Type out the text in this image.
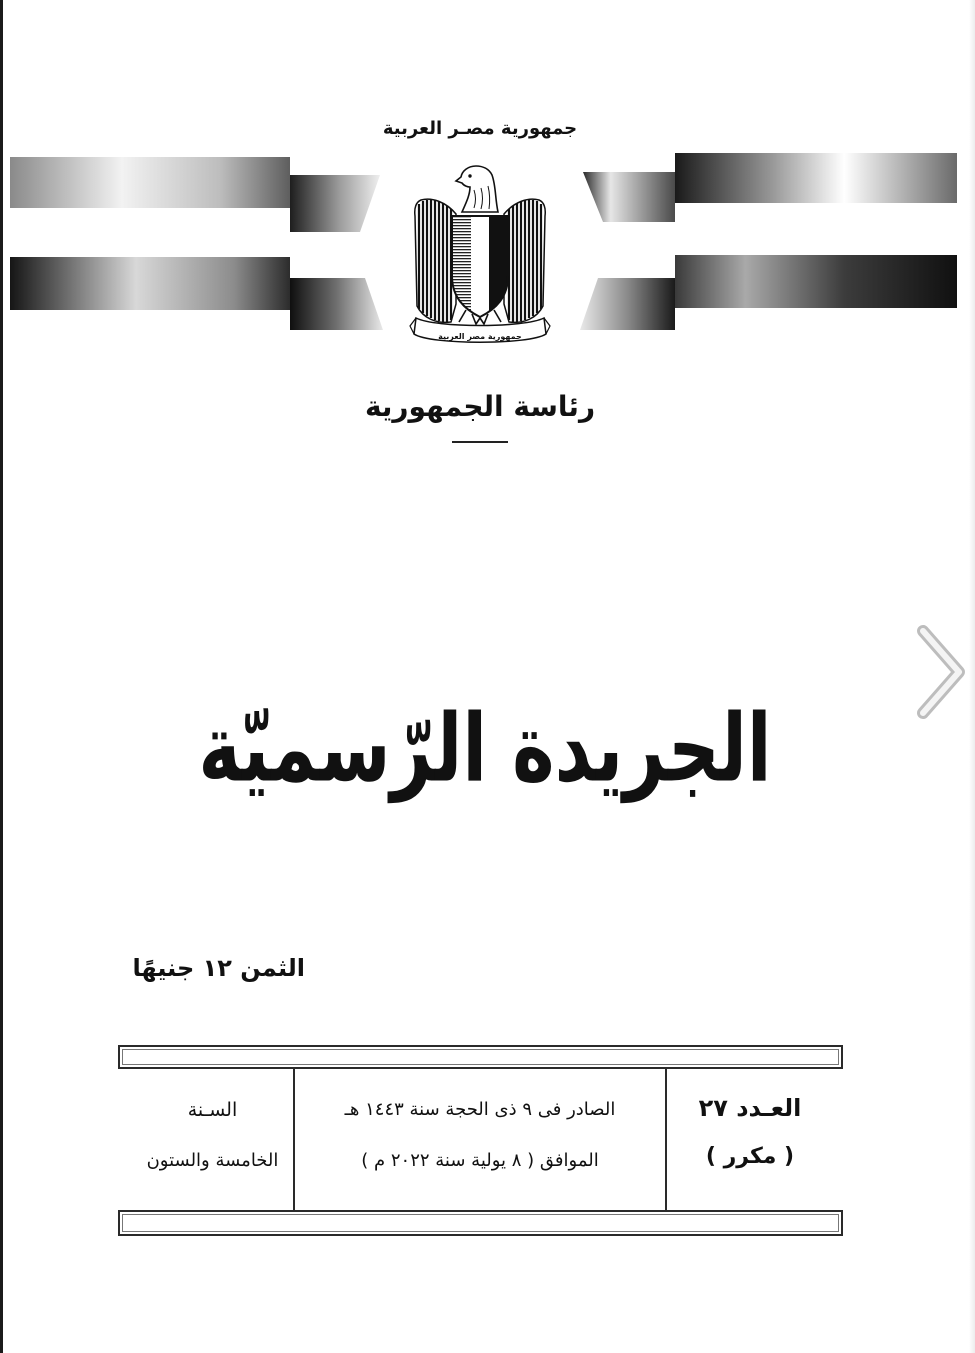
جمهورية مصر العربية
جمهورية مصـر العربية
رئاسة الجمهورية
الجريدة الرّسميّة
الثمن ١٢ جنيهًا
العـدد ٢٧
( مكرر )
الصادر فى ٩ ذى الحجة سنة ١٤٤٣ هـ
الموافق ( ٨ يولية سنة ٢٠٢٢ م )
السـنة
الخامسة والستون
